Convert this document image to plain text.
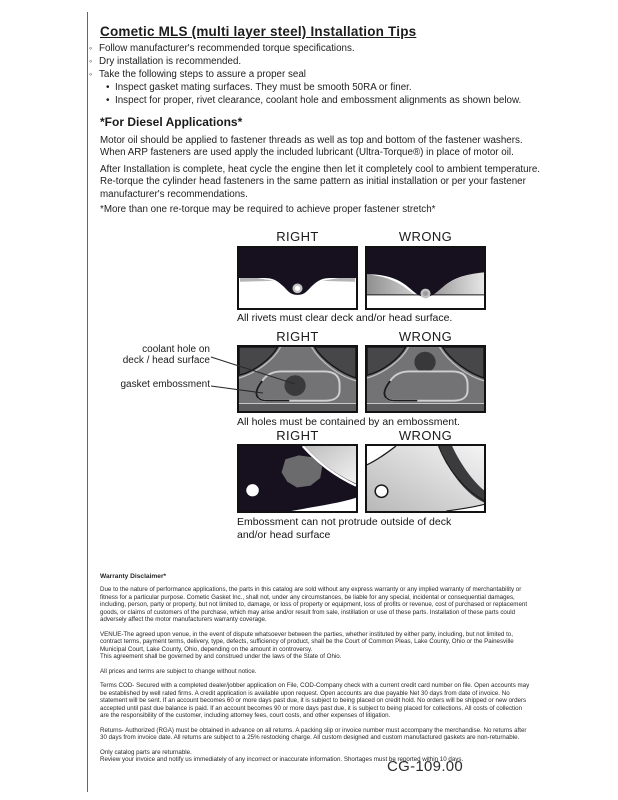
Cometic MLS (multi layer steel) Installation Tips
◦ Follow manufacturer's recommended torque specifications.
◦ Dry installation is recommended.
◦ Take the following steps to assure a proper seal
• Inspect gasket mating surfaces. They must be smooth 50RA or finer.
• Inspect for proper, rivet clearance, coolant hole and embossment alignments as shown below.
*For Diesel Applications*
Motor oil should be applied to fastener threads as well as top and bottom of the fastener washers. When ARP fasteners are used apply the included lubricant (Ultra-Torque®) in place of motor oil.
After Installation is complete, heat cycle the engine then let it completely cool to ambient temperature. Re-torque the cylinder head fasteners in the same pattern as initial installation or per your fastener manufacturer's recommendations.
*More than one re-torque may be required to achieve proper fastener stretch*
RIGHT	WRONG
All rivets must clear deck and/or head surface.
RIGHT	WRONG
coolant hole on
deck / head surface
gasket embossment
All holes must be contained by an embossment.
RIGHT	WRONG
Embossment can not protrude outside of deck
and/or head surface
Warranty Disclaimer*

Due to the nature of performance applications, the parts in this catalog are sold without any express warranty or any implied warranty of merchantability or fitness for a particular purpose. Cometic Gasket Inc., shall not, under any circumstances, be liable for any special, incidental or consequential damages, including, person, party or property, but not limited to, damage, or loss of property or equipment, loss of profits or revenue, cost of purchased or replacement goods, or claims of customers of the purchase, which may arise and/or result from sale, instillation or use of these parts. Installation of these parts could adversely affect the motor manufacturers warranty coverage.

VENUE-The agreed upon venue, in the event of dispute whatsoever between the parties, whether instituted by either party, including, but not limited to, contract terms, payment terms, delivery, type, defects, sufficiency of product, shall be the Court of Common Pleas, Lake County, Ohio or the Painesville Municipal Court, Lake County, Ohio, depending on the amount in controversy.

This agreement shall be governed by and construed under the laws of the State of Ohio.

All prices and terms are subject to change without notice.

Terms COD- Secured with a completed dealer/jobber application on File, COD-Company check with a current credit card number on file. Open accounts may be established by well rated firms. A credit application is available upon request. Open accounts are due payable Net 30 days from date of invoice. No statement will be sent. If an account becomes 60 or more days past due, it is subject to being placed on credit hold. No orders will be shipped or new orders accepted until past due balance is paid. If an account becomes 90 or more days past due, it is subject to being placed for collections. All costs of collection are the responsibility of the customer, including attorney fees, court costs, and other expenses of litigation.

Returns- Authorized (RGA) must be obtained in advance on all returns. A packing slip or invoice number must accompany the merchandise. No returns after 30 days from invoice date. All returns are subject to a 25% restocking charge. All custom designed and custom manufactured gaskets are non-returnable.

Only catalog parts are returnable.

Review your invoice and notify us immediately of any incorrect or inaccurate information. Shortages must be reported within 10 days.

CG-109.00
